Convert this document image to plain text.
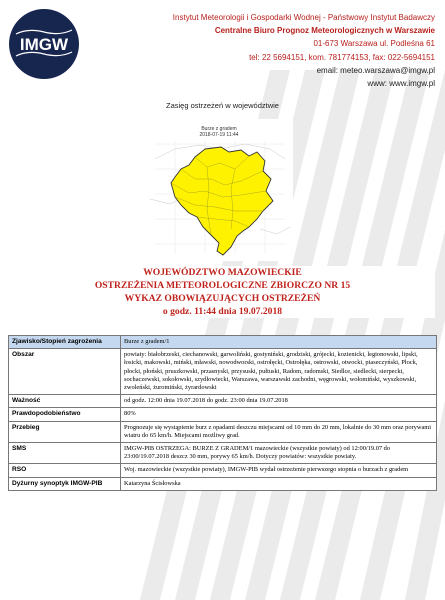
IMGW
Instytut Meteorologii i Gospodarki Wodnej - Państwowy Instytut Badawczy
Centralne Biuro Prognoz Meteorologicznych w Warszawie
01-673 Warszawa ul. Podleśna 61
tel: 22 5694151, kom. 781774153, fax: 022-5694151
email: meteo.warszawa@imgw.pl
www: www.imgw.pl
Zasięg ostrzeżeń w województwie
Burze z gradem
2018-07-19 11:44
WOJEWÓDZTWO MAZOWIECKIE
OSTRZEŻENIA METEOROLOGICZNE ZBIORCZO NR 15
WYKAZ OBOWIĄZUJĄCYCH OSTRZEŻEŃ
o godz. 11:44 dnia 19.07.2018
Zjawisko/Stopień zagrożenia	Burze z gradem/1
Obszar	powiaty: białobrzeski, ciechanowski, garwoliński, gostyniński, grodziski, grójecki, kozienicki, legionowski, lipski, łosicki, makowski, miński, mławski, nowodworski, ostrołęcki, Ostrołęka, ostrowski, otwocki, piaseczyński, Płock, płocki, płoński, pruszkowski, przasnyski, przysuski, pułtuski, Radom, radomski, Siedlce, siedlecki, sierpecki, sochaczewski, sokołowski, szydłowiecki, Warszawa, warszawski zachodni, węgrowski, wołomiński, wyszkowski, zwoleński, żuromiński, żyrardowski
Ważność	od godz. 12:00 dnia 19.07.2018 do godz. 23:00 dnia 19.07.2018
Prawdopodobieństwo	80%
Przebieg	Prognozuje się wystąpienie burz z opadami deszczu miejscami od 10 mm do 20 mm, lokalnie do 30 mm oraz porywami wiatru do 65 km/h. Miejscami możliwy grad.
SMS	IMGW-PIB OSTRZEGA: BURZE Z GRADEM/1 mazowieckie (wszystkie powiaty) od 12:00/19.07 do 23:00/19.07.2018 deszcz 30 mm, porywy 65 km/h. Dotyczy powiatów: wszystkie powiaty.
RSO	Woj. mazowieckie (wszystkie powiaty), IMGW-PIB wydał ostrzeżenie pierwszego stopnia o burzach z gradem
Dyżurny synoptyk IMGW-PIB	Katarzyna Ścisłowska
